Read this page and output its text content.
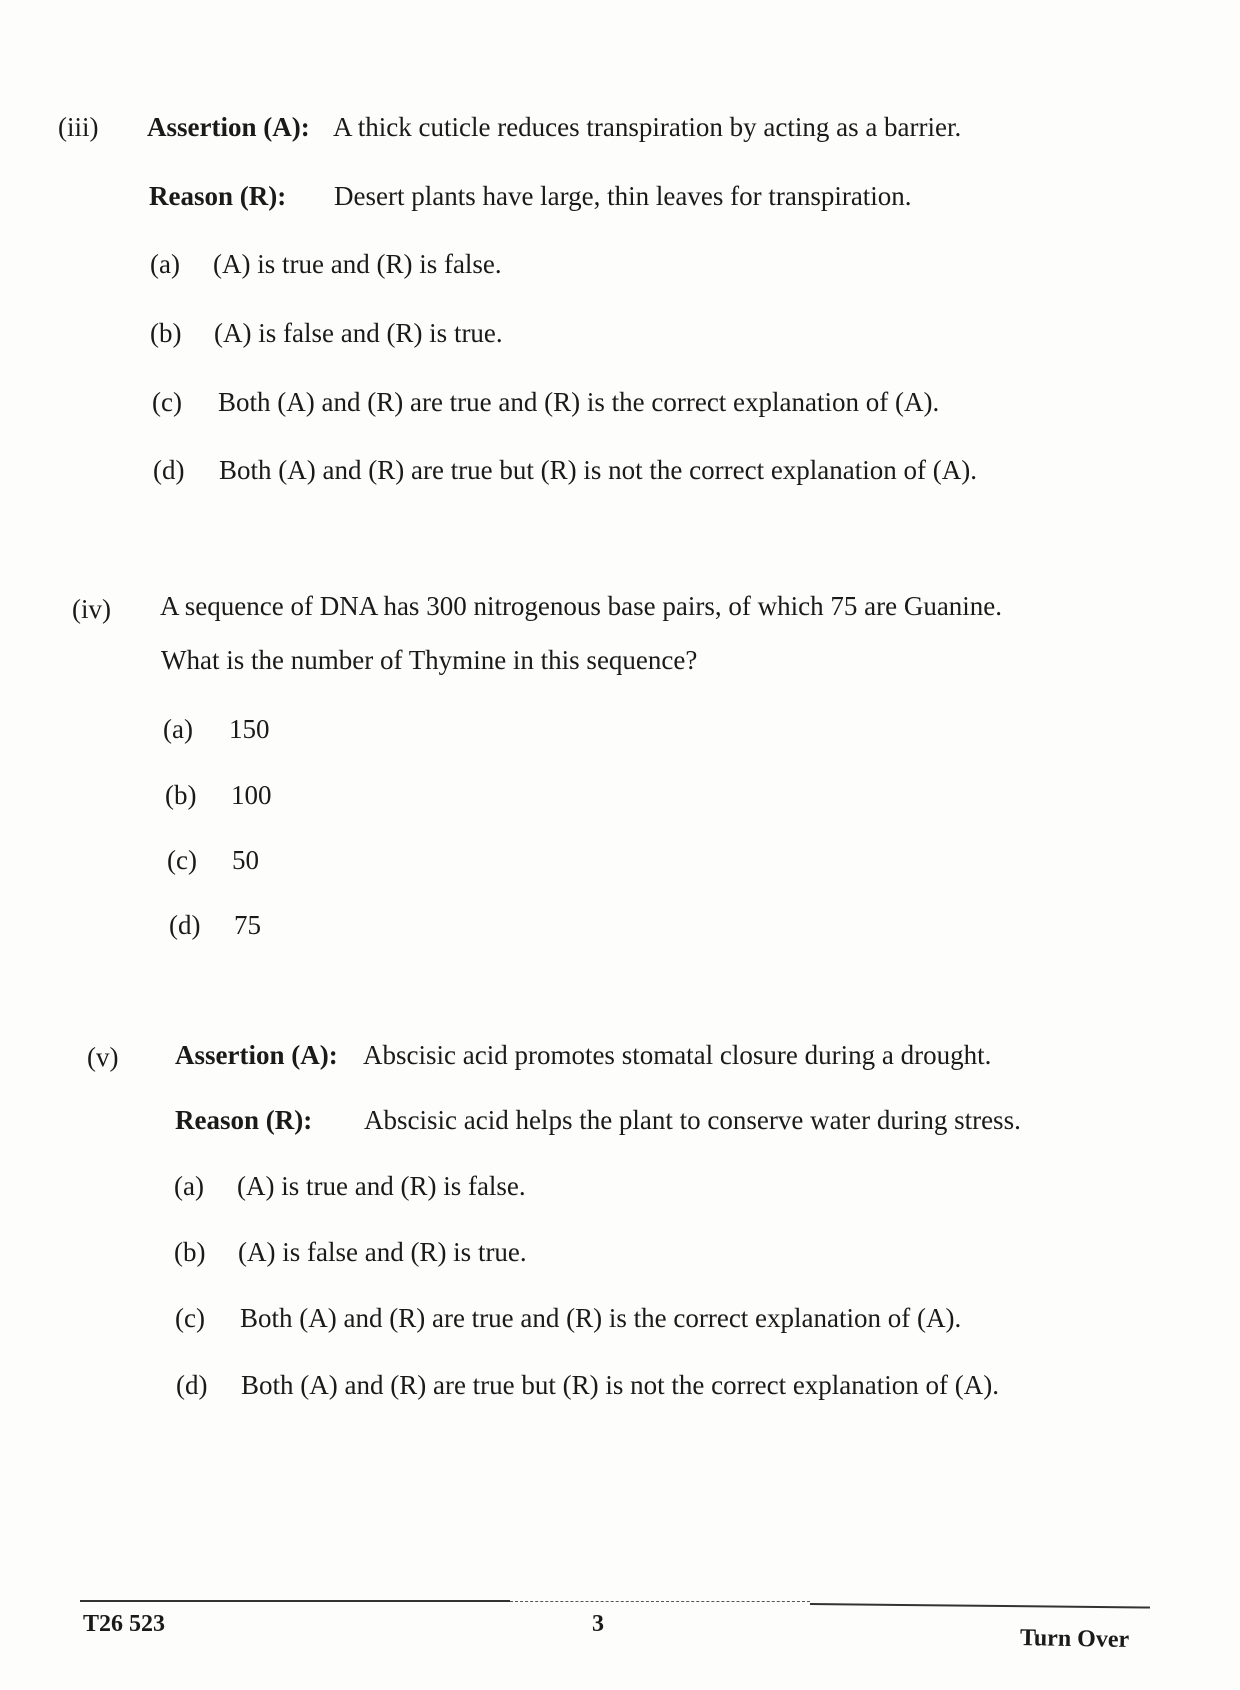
(iii) Assertion (A): A thick cuticle reduces transpiration by acting as a barrier.
Reason (R): Desert plants have large, thin leaves for transpiration.
(a) (A) is true and (R) is false.
(b) (A) is false and (R) is true.
(c) Both (A) and (R) are true and (R) is the correct explanation of (A).
(d) Both (A) and (R) are true but (R) is not the correct explanation of (A).
(iv) A sequence of DNA has 300 nitrogenous base pairs, of which 75 are Guanine.
What is the number of Thymine in this sequence?
(a) 150
(b) 100
(c) 50
(d) 75
(v) Assertion (A): Abscisic acid promotes stomatal closure during a drought.
Reason (R): Abscisic acid helps the plant to conserve water during stress.
(a) (A) is true and (R) is false.
(b) (A) is false and (R) is true.
(c) Both (A) and (R) are true and (R) is the correct explanation of (A).
(d) Both (A) and (R) are true but (R) is not the correct explanation of (A).
T26 523	3
Turn Over
